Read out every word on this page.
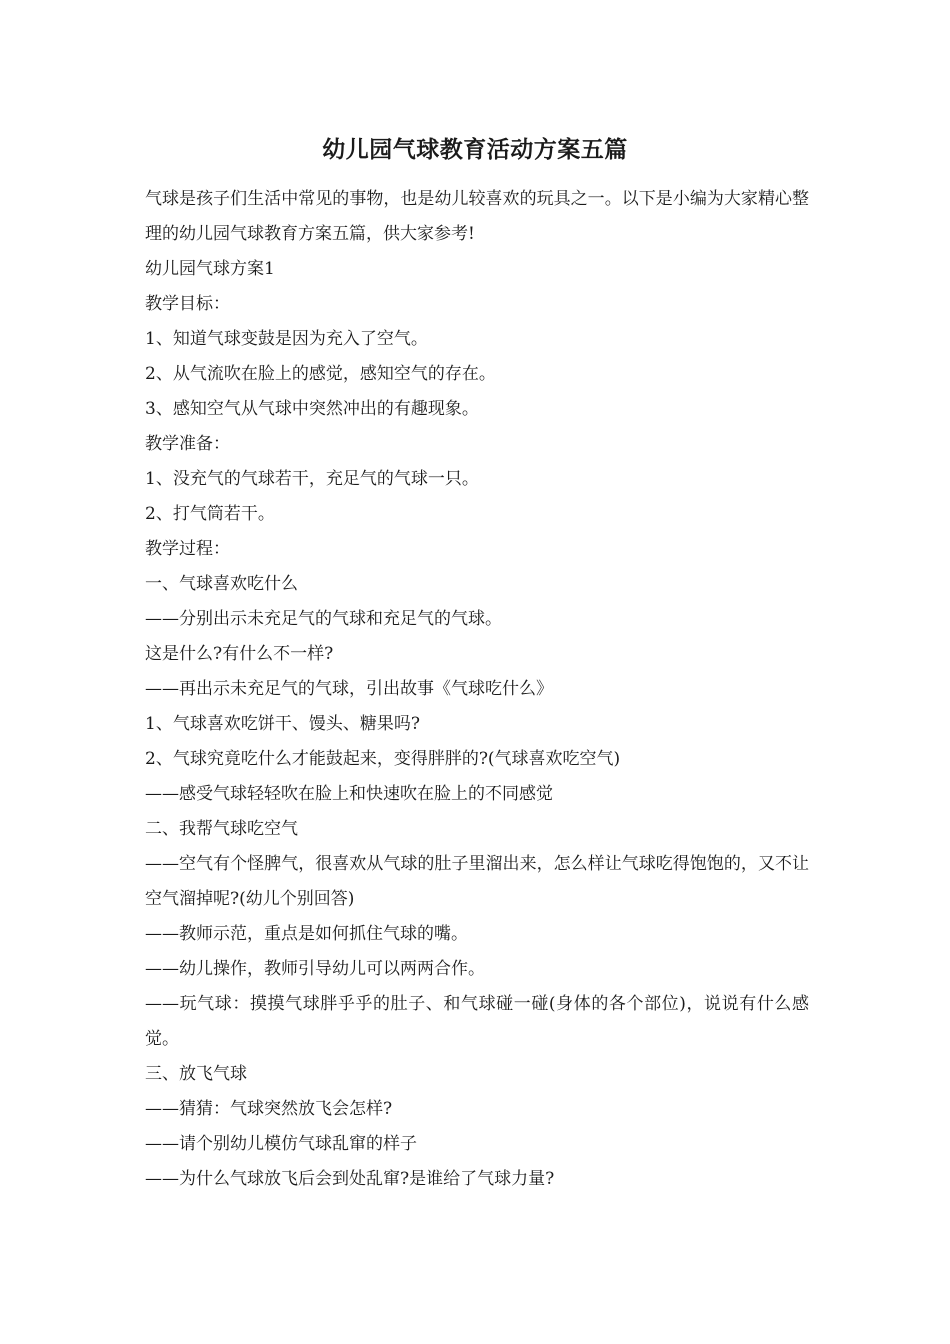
幼儿园气球教育活动方案五篇

气球是孩子们生活中常见的事物，也是幼儿较喜欢的玩具之一。以下是小编为大家精心整理的幼儿园气球教育方案五篇，供大家参考!

幼儿园气球方案1

教学目标：

1、知道气球变鼓是因为充入了空气。

2、从气流吹在脸上的感觉，感知空气的存在。

3、感知空气从气球中突然冲出的有趣现象。

教学准备：

1、没充气的气球若干，充足气的气球一只。

2、打气筒若干。

教学过程：

一、气球喜欢吃什么

——分别出示未充足气的气球和充足气的气球。

这是什么?有什么不一样?

——再出示未充足气的气球，引出故事《气球吃什么》

1、气球喜欢吃饼干、馒头、糖果吗?

2、气球究竟吃什么才能鼓起来，变得胖胖的?(气球喜欢吃空气)

——感受气球轻轻吹在脸上和快速吹在脸上的不同感觉

二、我帮气球吃空气

——空气有个怪脾气，很喜欢从气球的肚子里溜出来，怎么样让气球吃得饱饱的，又不让空气溜掉呢?(幼儿个别回答)

——教师示范，重点是如何抓住气球的嘴。

——幼儿操作，教师引导幼儿可以两两合作。

——玩气球：摸摸气球胖乎乎的肚子、和气球碰一碰(身体的各个部位)，说说有什么感觉。

三、放飞气球

——猜猜：气球突然放飞会怎样?

——请个别幼儿模仿气球乱窜的样子

——为什么气球放飞后会到处乱窜?是谁给了气球力量?
